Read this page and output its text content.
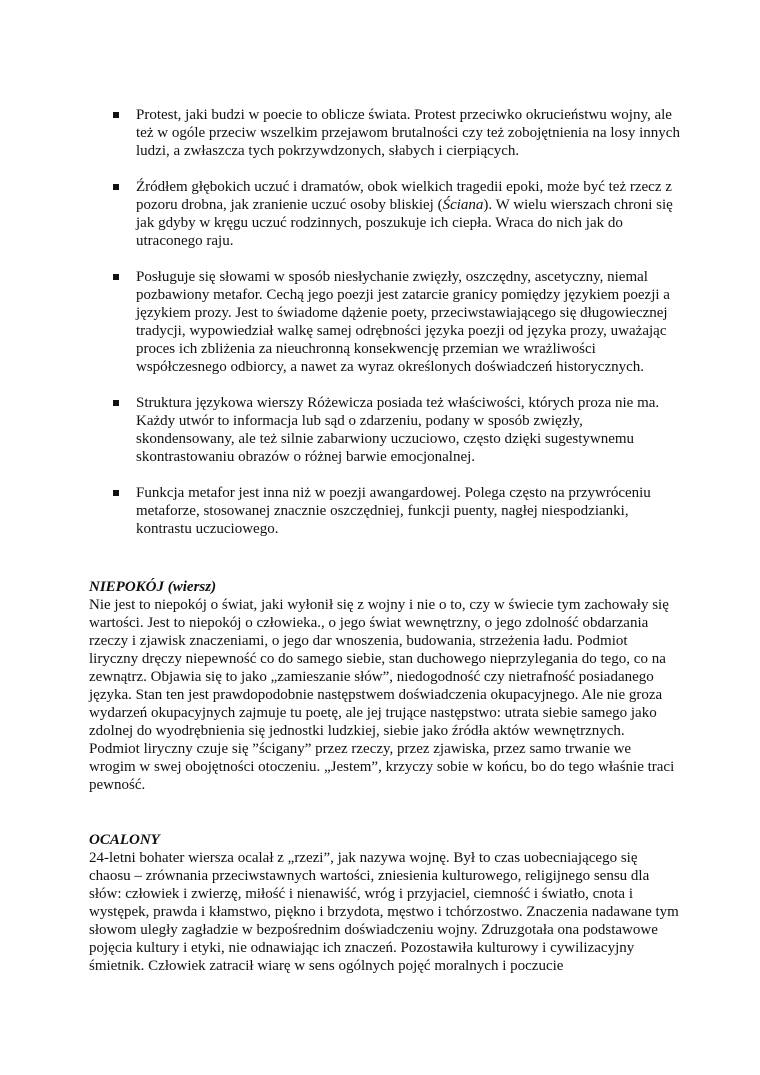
Protest, jaki budzi w poecie to oblicze świata. Protest przeciwko okrucieństwu wojny, ale też w ogóle przeciw wszelkim przejawom brutalności czy też zobojętnienia na losy innych ludzi, a zwłaszcza tych pokrzywdzonych, słabych i cierpiących.
Źródłem głębokich uczuć i dramatów, obok wielkich tragedii epoki, może być też rzecz z pozoru drobna, jak zranienie uczuć osoby bliskiej (Ściana). W wielu wierszach chroni się jak gdyby w kręgu uczuć rodzinnych, poszukuje ich ciepła. Wraca do nich jak do utraconego raju.
Posługuje się słowami w sposób niesłychanie zwięzły, oszczędny, ascetyczny, niemal pozbawiony metafor. Cechą jego poezji jest zatarcie granicy pomiędzy językiem poezji a językiem prozy. Jest to świadome dążenie poety, przeciwstawiającego się długowiecznej tradycji, wypowiedział walkę samej odrębności języka poezji od języka prozy, uważając proces ich zbliżenia za nieuchronną konsekwencję przemian we wrażliwości współczesnego odbiorcy, a nawet za wyraz określonych doświadczeń historycznych.
Struktura językowa wierszy Różewicza posiada też właściwości, których proza nie ma. Każdy utwór to informacja lub sąd o zdarzeniu, podany w sposób zwięzły, skondensowany, ale też silnie zabarwiony uczuciowo, często dzięki sugestywnemu skontrastowaniu obrazów o różnej barwie emocjonalnej.
Funkcja metafor jest inna niż w poezji awangardowej. Polega często na przywróceniu metaforze, stosowanej znacznie oszczędniej, funkcji puenty, nagłej niespodzianki, kontrastu uczuciowego.

NIEPOKÓJ (wiersz)

Nie jest to niepokój o świat, jaki wyłonił się z wojny i nie o to, czy w świecie tym zachowały się wartości. Jest to niepokój o człowieka., o jego świat wewnętrzny, o jego zdolność obdarzania rzeczy i zjawisk znaczeniami, o jego dar wnoszenia, budowania, strzeżenia ładu. Podmiot liryczny dręczy niepewność co do samego siebie, stan duchowego nieprzylegania do tego, co na zewnątrz. Objawia się to jako „zamieszanie słów”, niedogodność czy nietrafność posiadanego języka. Stan ten jest prawdopodobnie następstwem doświadczenia okupacyjnego. Ale nie groza wydarzeń okupacyjnych zajmuje tu poetę, ale jej trujące następstwo: utrata siebie samego jako zdolnej do wyodrębnienia się jednostki ludzkiej, siebie jako źródła aktów wewnętrznych. Podmiot liryczny czuje się ”ścigany” przez rzeczy, przez zjawiska, przez samo trwanie we wrogim w swej obojętności otoczeniu. „Jestem”, krzyczy sobie w końcu, bo do tego właśnie traci pewność.

OCALONY

24-letni bohater wiersza ocalał z „rzezi”, jak nazywa wojnę. Był to czas uobecniającego się chaosu – zrównania przeciwstawnych wartości, zniesienia kulturowego, religijnego sensu dla słów: człowiek i zwierzę, miłość i nienawiść, wróg i przyjaciel, ciemność i światło, cnota i występek, prawda i kłamstwo, piękno i brzydota, męstwo i tchórzostwo. Znaczenia nadawane tym słowom uległy zagładzie w bezpośrednim doświadczeniu wojny. Zdruzgotała ona podstawowe pojęcia kultury i etyki, nie odnawiając ich znaczeń. Pozostawiła kulturowy i cywilizacyjny śmietnik. Człowiek zatracił wiarę w sens ogólnych pojęć moralnych i poczucie
